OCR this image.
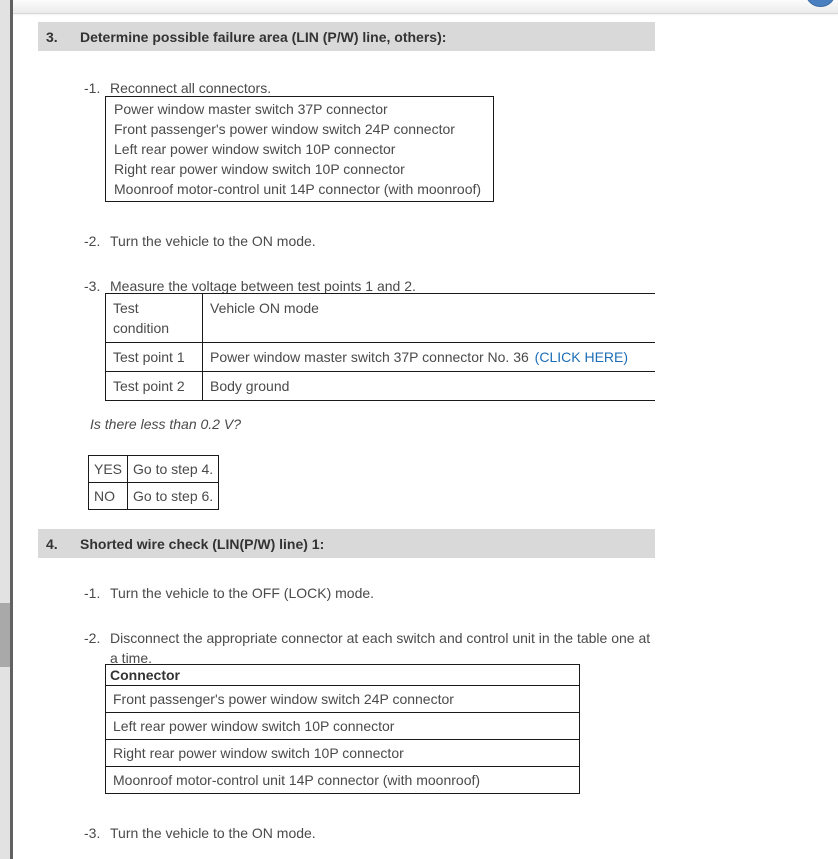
3.	Determine possible failure area (LIN (P/W) line, others):
-1. Reconnect all connectors.
Power window master switch 37P connector
Front passenger's power window switch 24P connector
Left rear power window switch 10P connector
Right rear power window switch 10P connector
Moonroof motor-control unit 14P connector (with moonroof)
-2. Turn the vehicle to the ON mode.
-3. Measure the voltage between test points 1 and 2.
Test condition	Vehicle ON mode
Test point 1	Power window master switch 37P connector No. 36 (CLICK HERE)
Test point 2	Body ground
Is there less than 0.2 V?
YES	Go to step 4.
NO	Go to step 6.
4.	Shorted wire check (LIN(P/W) line) 1:
-1. Turn the vehicle to the OFF (LOCK) mode.
-2. Disconnect the appropriate connector at each switch and control unit in the table one at a time.
Connector
Front passenger's power window switch 24P connector
Left rear power window switch 10P connector
Right rear power window switch 10P connector
Moonroof motor-control unit 14P connector (with moonroof)
-3. Turn the vehicle to the ON mode.
